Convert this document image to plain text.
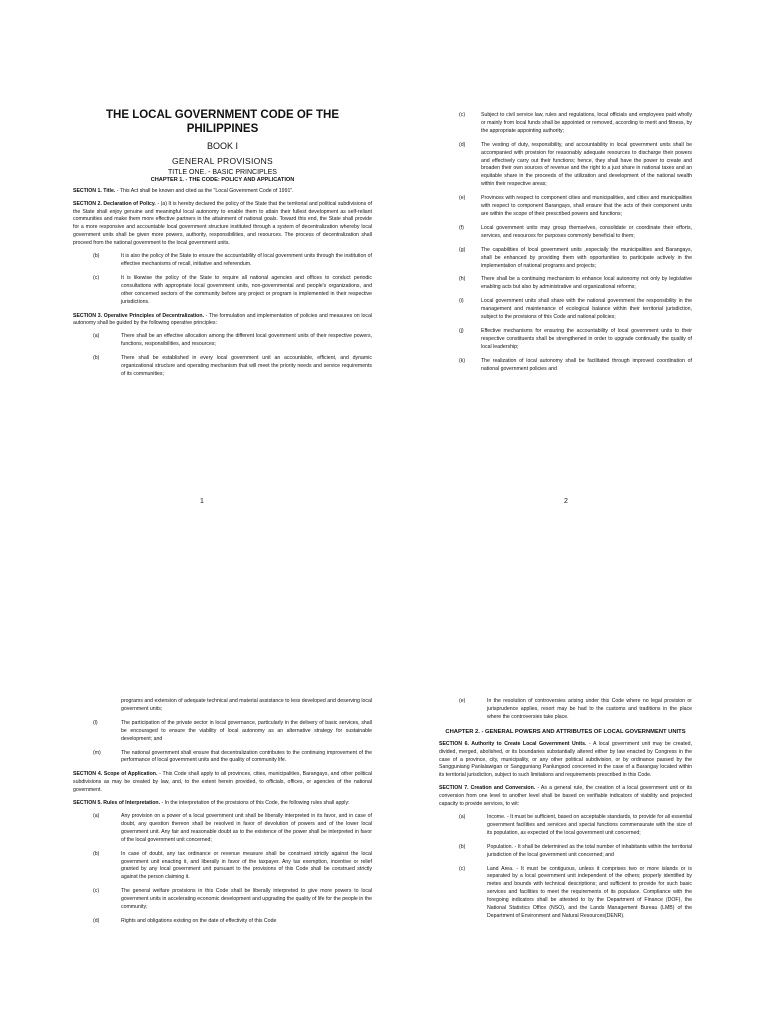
THE LOCAL GOVERNMENT CODE OF THE PHILIPPINES
BOOK I
GENERAL PROVISIONS
TITLE ONE. - BASIC PRINCIPLES
CHAPTER 1. - THE CODE: POLICY AND APPLICATION
SECTION 1. Title. - This Act shall be known and cited as the "Local Government Code of 1991".
SECTION 2. Declaration of Policy. - (a) It is hereby declared the policy of the State that the territorial and political subdivisions of the State shall enjoy genuine and meaningful local autonomy to enable them to attain their fullest development as self-reliant communities and make them more effective partners in the attainment of national goals. Toward this end, the State shall provide for a more responsive and accountable local government structure instituted through a system of decentralization whereby local government units shall be given more powers, authority, responsibilities, and resources. The process of decentralization shall proceed from the national government to the local government units.
(b)	It is also the policy of the State to ensure the accountability of local government units through the institution of effective mechanisms of recall, initiative and referendum.
(c)	It is likewise the policy of the State to require all national agencies and offices to conduct periodic consultations with appropriate local government units, non-governmental and people's organizations, and other concerned sectors of the community before any project or program is implemented in their respective jurisdictions.
SECTION 3. Operative Principles of Decentralization. - The formulation and implementation of policies and measures on local autonomy shall be guided by the following operative principles:
(a)	There shall be an effective allocation among the different local government units of their respective powers, functions, responsibilities, and resources;
(b)	There shall be established in every local government unit an accountable, efficient, and dynamic organizational structure and operating mechanism that will meet the priority needs and service requirements of its communities;
1
(c)	Subject to civil service law, rules and regulations, local officials and employees paid wholly or mainly from local funds shall be appointed or removed, according to merit and fitness, by the appropriate appointing authority;
(d)	The vesting of duty, responsibility, and accountability in local government units shall be accompanied with provision for reasonably adequate resources to discharge their powers and effectively carry out their functions; hence, they shall have the power to create and broaden their own sources of revenue and the right to a just share in national taxes and an equitable share in the proceeds of the utilization and development of the national wealth within their respective areas;
(e)	Provinces with respect to component cities and municipalities, and cities and municipalities with respect to component Barangays, shall ensure that the acts of their component units are within the scope of their prescribed powers and functions;
(f)	Local government units may group themselves, consolidate or coordinate their efforts, services, and resources for purposes commonly beneficial to them;
(g)	The capabilities of local government units ,especially the municipalities and Barangays, shall be enhanced by providing them with opportunities to participate actively in the implementation of national programs and projects;
(h)	There shall be a continuing mechanism to enhance local autonomy not only by legislative enabling acts but also by administrative and organizational reforms;
(i)	Local government units shall share with the national government the responsibility in the management and maintenance of ecological balance within their territorial jurisdiction, subject to the provisions of this Code and national policies;
(j)	Effective mechanisms for ensuring the accountability of local government units to their respective constituents shall be strengthened in order to upgrade continually the quality of local leadership;
(k)	The realization of local autonomy shall be facilitated through improved coordination of national government policies and
2
programs and extension of adequate technical and material assistance to less developed and deserving local government units;
(l)	The participation of the private sector in local governance, particularly in the delivery of basic services, shall be encouraged to ensure the viability of local autonomy as an alternative strategy for sustainable development; and
(m)	The national government shall ensure that decentralization contributes to the continuing improvement of the performance of local government units and the quality of community life.
SECTION 4. Scope of Application. - This Code shall apply to all provinces, cities, municipalities, Barangays, and other political subdivisions as may be created by law, and, to the extent herein provided, to officials, offices, or agencies of the national government.
SECTION 5. Rules of Interpretation. - In the interpretation of the provisions of this Code, the following rules shall apply:
(a)	Any provision on a power of a local government unit shall be liberally interpreted in its favor, and in case of doubt, any question thereon shall be resolved in favor of devolution of powers and of the lower local government unit. Any fair and reasonable doubt as to the existence of the power shall be interpreted in favor of the local government unit concerned;
(b)	In case of doubt, any tax ordinance or revenue measure shall be construed strictly against the local government unit enacting it, and liberally in favor of the taxpayer. Any tax exemption, incentive or relief granted by any local government unit pursuant to the provisions of this Code shall be construed strictly against the person claiming it.
(c)	The general welfare provisions in this Code shall be liberally interpreted to give more powers to local government units in accelerating economic development and upgrading the quality of life for the people in the community;
(d)	Rights and obligations existing on the date of effectivity of this Code
(e)	In the resolution of controversies arising under this Code where no legal provision or jurisprudence applies, resort may be had to the customs and traditions in the place where the controversies take place.
CHAPTER 2. - GENERAL POWERS AND ATTRIBUTES OF LOCAL GOVERNMENT UNITS
SECTION 6. Authority to Create Local Government Units. - A local government unit may be created, divided, merged, abolished, or its boundaries substantially altered either by law enacted by Congress in the case of a province, city, municipality, or any other political subdivision, or by ordinance passed by the Sangguniang Panlalawigan or Sangguniang Panlungsod concerned in the case of a Barangay located within its territorial jurisdiction, subject to such limitations and requirements prescribed in this Code.
SECTION 7. Creation and Conversion. - As a general rule, the creation of a local government unit or its conversion from one level to another level shall be based on verifiable indicators of viability and projected capacity to provide services, to wit:
(a)	Income. - It must be sufficient, based on acceptable standards, to provide for all essential government facilities and services and special functions commensurate with the size of its population, as expected of the local government unit concerned;
(b)	Population. - It shall be determined as the total number of inhabitants within the territorial jurisdiction of the local government unit concerned; and
(c)	Land Area. - It must be contiguous, unless it comprises two or more islands or is separated by a local government unit independent of the others; properly identified by metes and bounds with technical descriptions; and sufficient to provide for such basic services and facilities to meet the requirements of its populace. Compliance with the foregoing indicators shall be attested to by the Department of Finance (DOF), the National Statistics Office (NSO), and the Lands Management Bureau (LMB) of the Department of Environment and Natural Resources(DENR).
